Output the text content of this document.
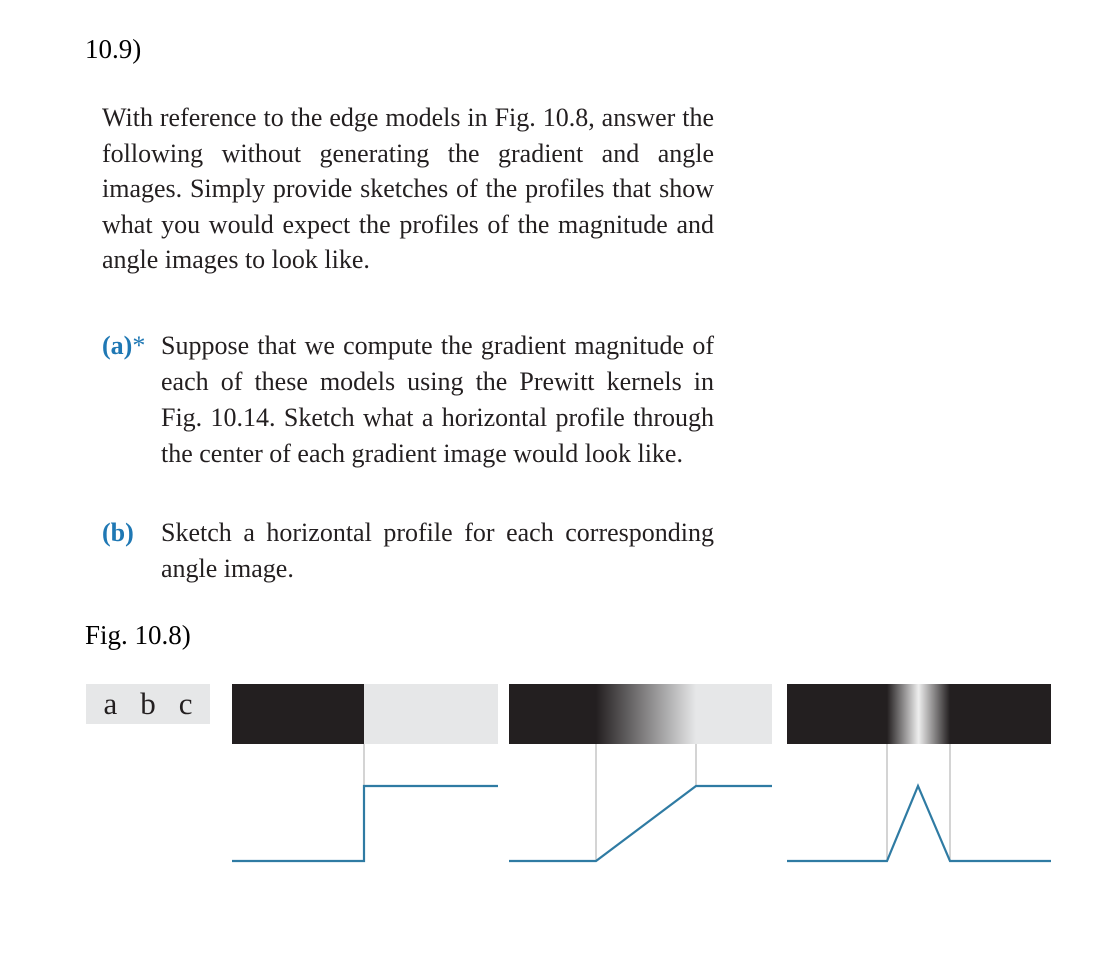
10.9)

With reference to the edge models in Fig. 10.8, answer the following without generating the gradient and angle images. Simply provide sketches of the profiles that show what you would expect the profiles of the magnitude and angle images to look like.

(a)* Suppose that we compute the gradient magnitude of each of these models using the Prewitt kernels in Fig. 10.14. Sketch what a horizontal profile through the center of each gradient image would look like.
(b) Sketch a horizontal profile for each corresponding angle image.
Fig. 10.8)
a b c
